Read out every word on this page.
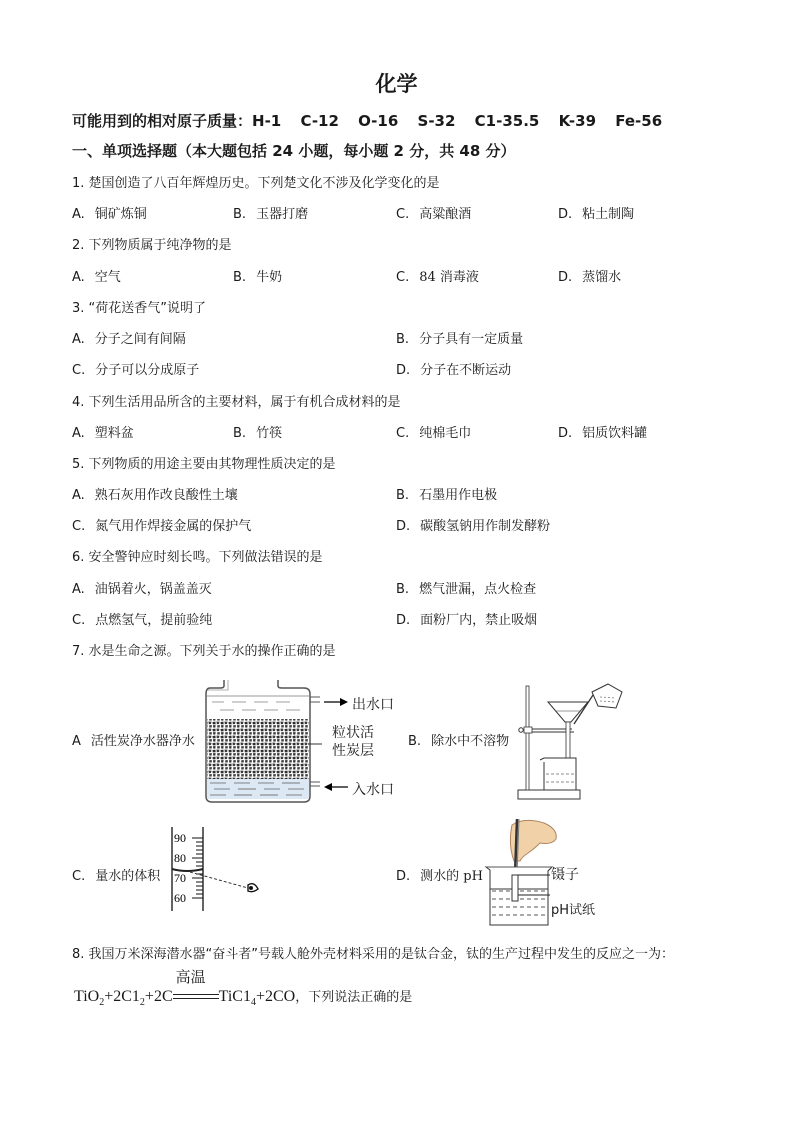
化学
可能用到的相对原子质量：H-1 C-12 O-16 S-32 C1-35.5 K-39 Fe-56
一、单项选择题（本大题包括 24 小题，每小题 2 分，共 48 分）
1. 楚国创造了八百年辉煌历史。下列楚文化不涉及化学变化的是
A. 铜矿炼铜	B. 玉器打磨	C. 高粱酿酒	D. 粘土制陶
2. 下列物质属于纯净物的是
A. 空气	B. 牛奶	C. 84 消毒液	D. 蒸馏水
3. “荷花送香气”说明了
A. 分子之间有间隔	B. 分子具有一定质量
C. 分子可以分成原子	D. 分子在不断运动
4. 下列生活用品所含的主要材料，属于有机合成材料的是
A. 塑料盆	B. 竹筷	C. 纯棉毛巾	D. 铝质饮料罐
5. 下列物质的用途主要由其物理性质决定的是
A. 熟石灰用作改良酸性土壤	B. 石墨用作电极
C. 氮气用作焊接金属的保护气	D. 碳酸氢钠用作制发酵粉
6. 安全警钟应时刻长鸣。下列做法错误的是
A. 油锅着火，锅盖盖灭	B. 燃气泄漏，点火检查
C. 点燃氢气，提前验纯	D. 面粉厂内，禁止吸烟
7. 水是生命之源。下列关于水的操作正确的是
A 活性炭净水器净水
出水口
粒状活
性炭层
入水口
B. 除水中不溶物
C. 量水的体积
90
80
70
60
D. 测水的 pH	镊子
pH试纸
8. 我国万米深海潜水器“奋斗者”号载人舱外壳材料采用的是钛合金，钛的生产过程中发生的反应之一为：
$TiO_2+2C1_2+2C$
高温
$TiC1_4+2CO$，下列说法正确的是
